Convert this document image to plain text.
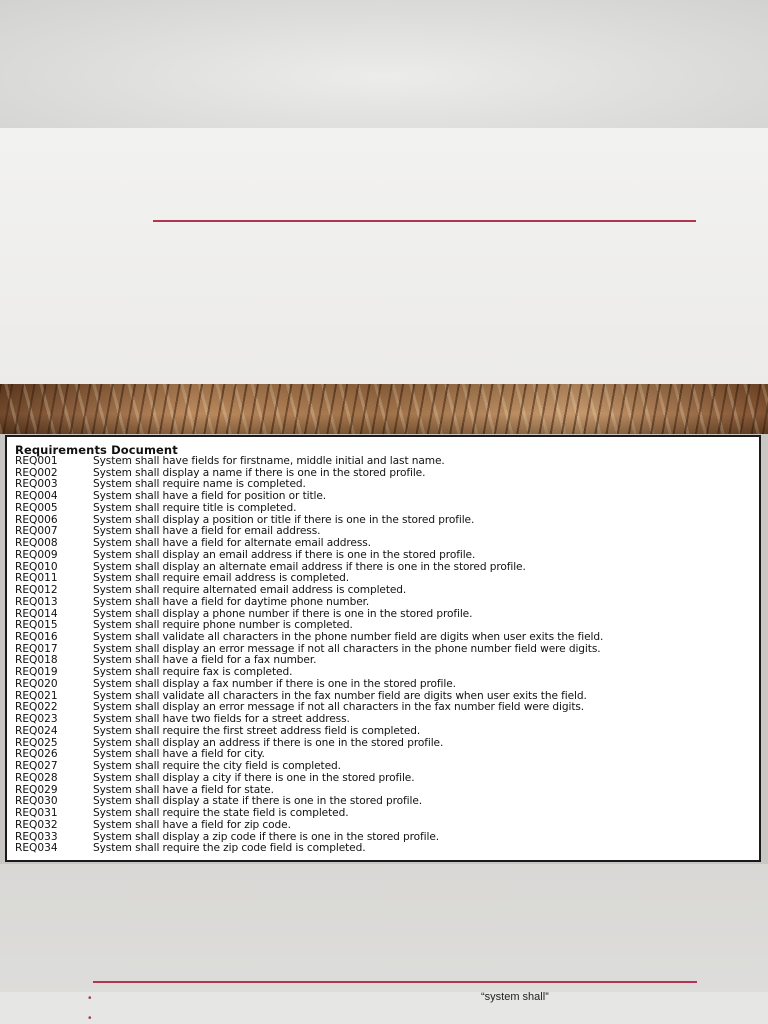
Requirements Document
REQ001	System shall have fields for firstname, middle initial and last name.
REQ002	System shall display a name if there is one in the stored profile.
REQ003	System shall require name is completed.
REQ004	System shall have a field for position or title.
REQ005	System shall require title is completed.
REQ006	System shall display a position or title if there is one in the stored profile.
REQ007	System shall have a field for email address.
REQ008	System shall have a field for alternate email address.
REQ009	System shall display an email address if there is one in the stored profile.
REQ010	System shall display an alternate email address if there is one in the stored profile.
REQ011	System shall require email address is completed.
REQ012	System shall require alternated email address is completed.
REQ013	System shall have a field for daytime phone number.
REQ014	System shall display a phone number if there is one in the stored profile.
REQ015	System shall require phone number is completed.
REQ016	System shall validate all characters in the phone number field are digits when user exits the field.
REQ017	System shall display an error message if not all characters in the phone number field were digits.
REQ018	System shall have a field for a fax number.
REQ019	System shall require fax is completed.
REQ020	System shall display a fax number if there is one in the stored profile.
REQ021	System shall validate all characters in the fax number field are digits when user exits the field.
REQ022	System shall display an error message if not all characters in the fax number field were digits.
REQ023	System shall have two fields for a street address.
REQ024	System shall require the first street address field is completed.
REQ025	System shall display an address if there is one in the stored profile.
REQ026	System shall have a field for city.
REQ027	System shall require the city field is completed.
REQ028	System shall display a city if there is one in the stored profile.
REQ029	System shall have a field for state.
REQ030	System shall display a state if there is one in the stored profile.
REQ031	System shall require the state field is completed.
REQ032	System shall have a field for zip code.
REQ033	System shall display a zip code if there is one in the stored profile.
REQ034	System shall require the zip code field is completed.
•
•
“system shall”
